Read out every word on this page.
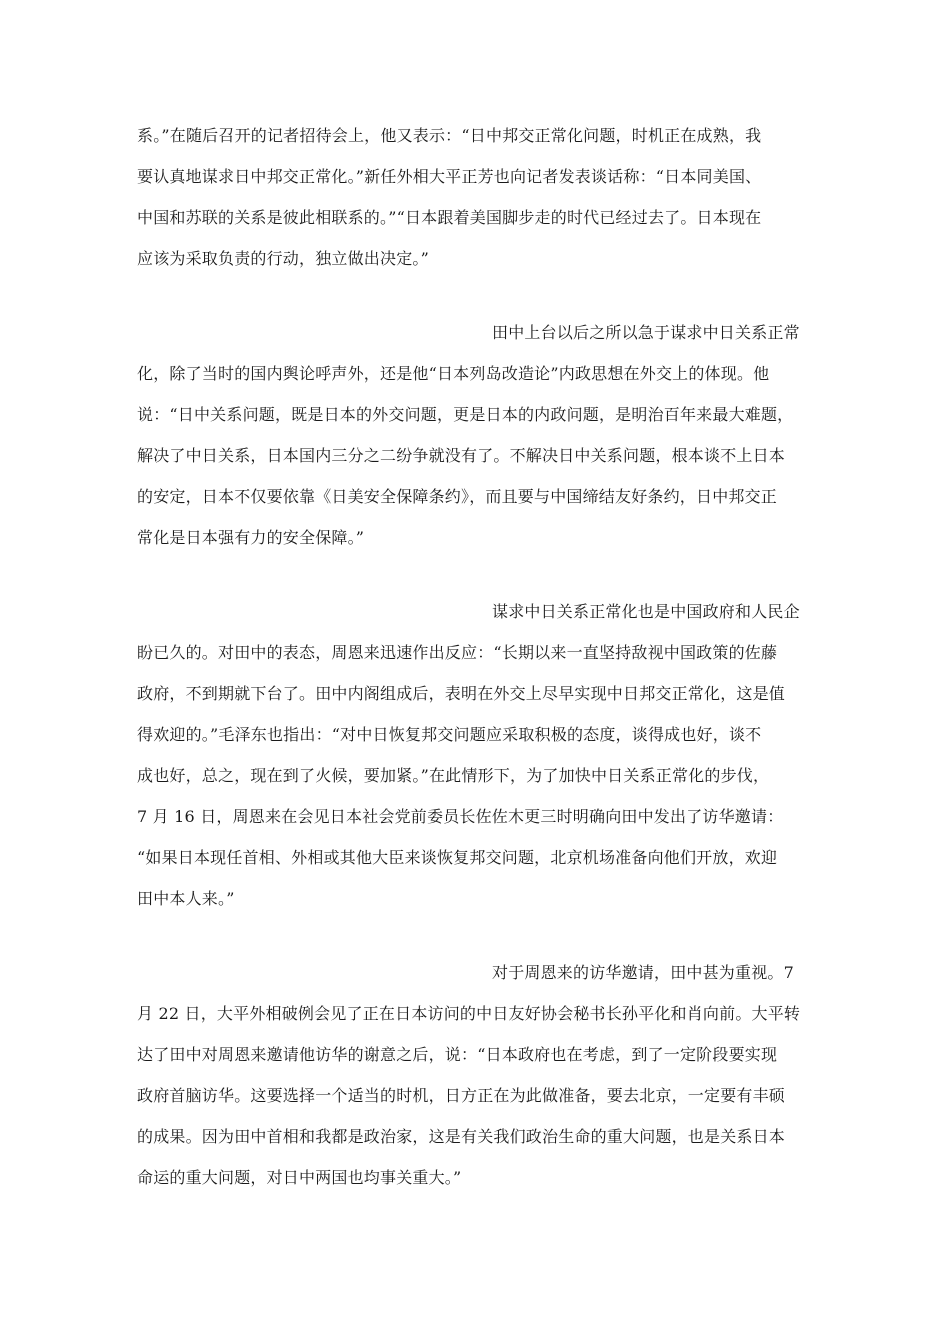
系。”在随后召开的记者招待会上，他又表示：“日中邦交正常化问题，时机正在成熟，我
要认真地谋求日中邦交正常化。”新任外相大平正芳也向记者发表谈话称：“日本同美国、
中国和苏联的关系是彼此相联系的。”“日本跟着美国脚步走的时代已经过去了。日本现在
应该为采取负责的行动，独立做出决定。”
田中上台以后之所以急于谋求中日关系正常
化，除了当时的国内舆论呼声外，还是他“日本列岛改造论”内政思想在外交上的体现。他
说：“日中关系问题，既是日本的外交问题，更是日本的内政问题，是明治百年来最大难题，
解决了中日关系，日本国内三分之二纷争就没有了。不解决日中关系问题，根本谈不上日本
的安定，日本不仅要依靠《日美安全保障条约》，而且要与中国缔结友好条约，日中邦交正
常化是日本强有力的安全保障。”
谋求中日关系正常化也是中国政府和人民企
盼已久的。对田中的表态，周恩来迅速作出反应：“长期以来一直坚持敌视中国政策的佐藤
政府，不到期就下台了。田中内阁组成后，表明在外交上尽早实现中日邦交正常化，这是值
得欢迎的。”毛泽东也指出：“对中日恢复邦交问题应采取积极的态度，谈得成也好，谈不
成也好，总之，现在到了火候，要加紧。”在此情形下，为了加快中日关系正常化的步伐，
7 月 16 日，周恩来在会见日本社会党前委员长佐佐木更三时明确向田中发出了访华邀请：
“如果日本现任首相、外相或其他大臣来谈恢复邦交问题，北京机场准备向他们开放，欢迎
田中本人来。”
对于周恩来的访华邀请，田中甚为重视。7
月 22 日，大平外相破例会见了正在日本访问的中日友好协会秘书长孙平化和肖向前。大平转
达了田中对周恩来邀请他访华的谢意之后，说：“日本政府也在考虑，到了一定阶段要实现
政府首脑访华。这要选择一个适当的时机，日方正在为此做准备，要去北京，一定要有丰硕
的成果。因为田中首相和我都是政治家，这是有关我们政治生命的重大问题，也是关系日本
命运的重大问题，对日中两国也均事关重大。”
